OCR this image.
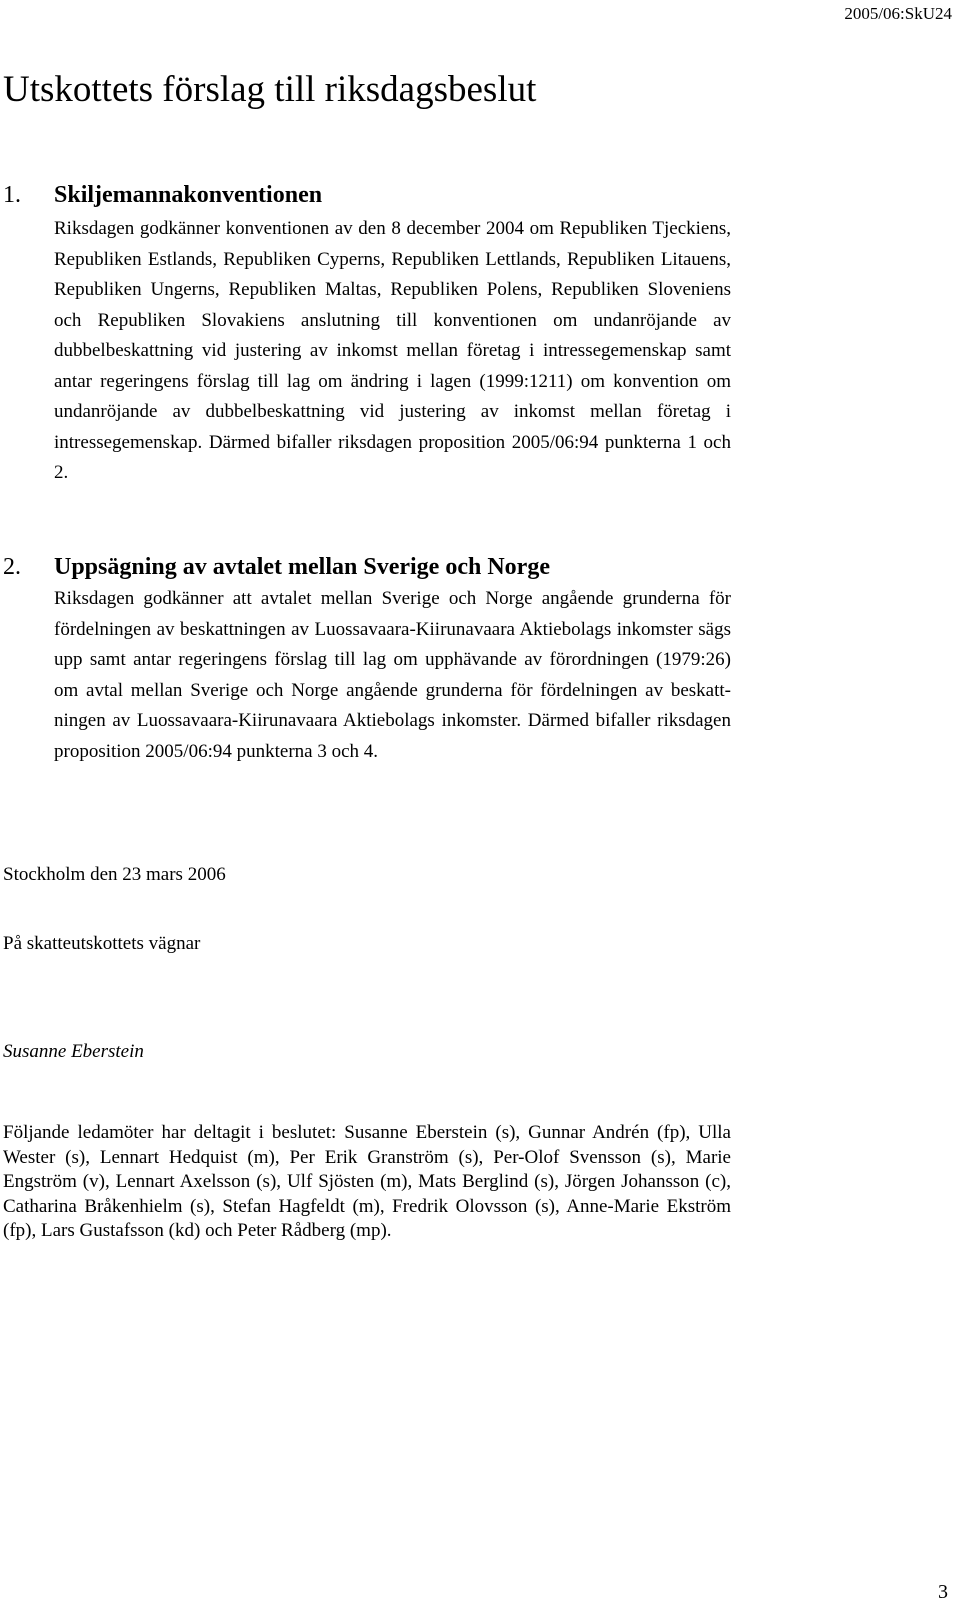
2005/06:SkU24
Utskottets förslag till riksdagsbeslut
1. Skiljemannakonventionen

Riksdagen godkänner konventionen av den 8 december 2004 om Republiken Tjeckiens, Republiken Estlands, Republiken Cyperns, Republiken Lettlands, Republiken Litauens, Republiken Ungerns, Republiken Maltas, Republiken Polens, Republiken Sloveniens och Republiken Slovakiens anslutning till konventionen om undanröjande av dubbelbeskattning vid justering av inkomst mellan företag i intressegemenskap samt antar regeringens förslag till lag om ändring i lagen (1999:1211) om konvention om undanröjande av dubbelbeskattning vid justering av inkomst mellan företag i intressegemenskap. Därmed bifaller riksdagen proposition 2005/06:94 punkterna 1 och 2.

2. Uppsägning av avtalet mellan Sverige och Norge

Riksdagen godkänner att avtalet mellan Sverige och Norge angående grunderna för fördelningen av beskattningen av Luossavaara-Kiirunavaara Aktiebolags inkomster sägs upp samt antar regeringens förslag till lag om upphävande av förordningen (1979:26) om avtal mellan Sverige och Norge angående grunderna för fördelningen av beskattningen av Luossavaara-Kiirunavaara Aktiebolags inkomster. Därmed bifaller riksdagen proposition 2005/06:94 punkterna 3 och 4.

Stockholm den 23 mars 2006

På skatteutskottets vägnar

Susanne Eberstein

Följande ledamöter har deltagit i beslutet: Susanne Eberstein (s), Gunnar Andrén (fp), Ulla Wester (s), Lennart Hedquist (m), Per Erik Granström (s), Per-Olof Svensson (s), Marie Engström (v), Lennart Axelsson (s), Ulf Sjösten (m), Mats Berglind (s), Jörgen Johansson (c), Catharina Bråkenhielm (s), Stefan Hagfeldt (m), Fredrik Olovsson (s), Anne-Marie Ekström (fp), Lars Gustafsson (kd) och Peter Rådberg (mp).

3
